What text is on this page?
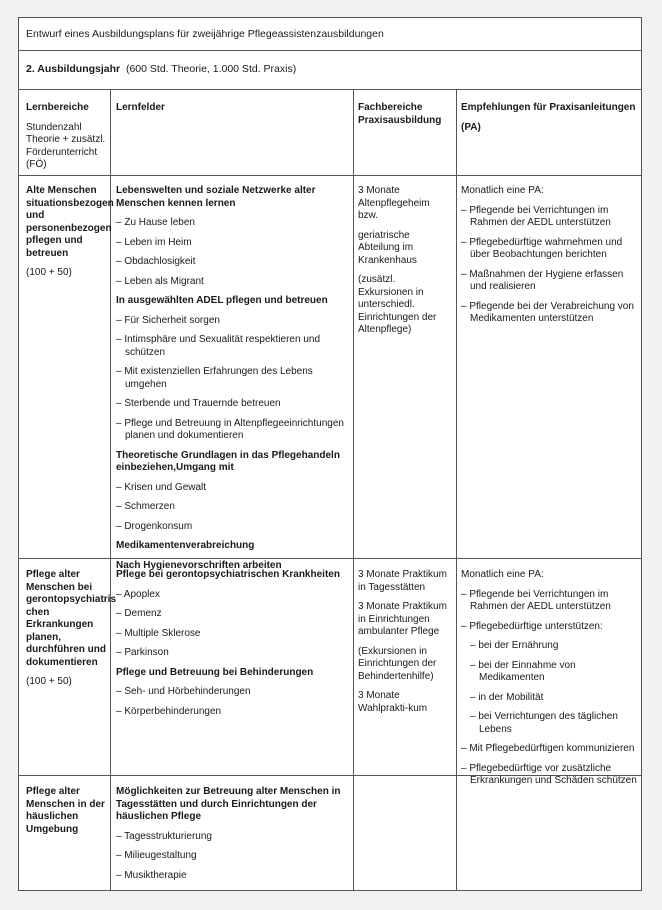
Entwurf eines Ausbildungsplans für zweijährige Pflegeassistenzausbildungen
2. Ausbildungsjahr (600 Std. Theorie, 1.000 Std. Praxis)

Lernbereiche

Stundenzahl Theorie + zusätzl. Förderunterricht (FÖ)

Lernfelder	Fachbereiche Praxisausbildung

Empfehlungen für Praxisanleitungen

(PA)

Alte Menschen situationsbezogen und personenbezogen pflegen und betreuen

(100 + 50)

Lebenswelten und soziale Netzwerke alter Menschen kennen lernen

– Zu Hause leben

– Leben im Heim

– Obdachlosigkeit

– Leben als Migrant

In ausgewählten ADEL pflegen und betreuen

– Für Sicherheit sorgen

– Intimsphäre und Sexualität respektieren und schützen

– Mit existenziellen Erfahrungen des Lebens umgehen

– Sterbende und Trauernde betreuen

– Pflege und Betreuung in Altenpflegeeinrichtungen planen und dokumentieren

Theoretische Grundlagen in das Pflegehandeln einbeziehen,Umgang mit

– Krisen und Gewalt

– Schmerzen

– Drogenkonsum

Medikamentenverabreichung

Nach Hygienevorschriften arbeiten

3 Monate Altenpflegeheim bzw.

geriatrische Abteilung im Krankenhaus

(zusätzl. Exkursionen in unterschiedl. Einrichtungen der Altenpflege)

Monatlich eine PA:

– Pflegende bei Verrichtungen im Rahmen der AEDL unterstützen

– Pflegebedürftige wahrnehmen und über Beobachtungen berichten

– Maßnahmen der Hygiene erfassen und realisieren

– Pflegende bei der Verabreichung von Medikamenten unterstützen

Pflege alter Menschen bei gerontopsychiatris chen Erkrankungen planen, durchführen und dokumentieren

(100 + 50)

Pflege bei gerontopsychiatrischen Krankheiten

– Apoplex

– Demenz

– Multiple Sklerose

– Parkinson

Pflege und Betreuung bei Behinderungen

– Seh- und Hörbehinderungen

– Körperbehinderungen

3 Monate Praktikum in Tagesstätten

3 Monate Praktikum in Einrichtungen ambulanter Pflege

(Exkursionen in Einrichtungen der Behindertenhilfe)

3 Monate Wahlprakti-kum

Monatlich eine PA:

– Pflegende bei Verrichtungen im Rahmen der AEDL unterstützen

– Pflegebedürftige unterstützen:

– bei der Ernährung

– bei der Einnahme von Medikamenten

– in der Mobilität

– bei Verrichtungen des täglichen Lebens

– Mit Pflegebedürftigen kommunizieren

– Pflegebedürftige vor zusätzliche Erkrankungen und Schäden schützen

Pflege alter Menschen in der häuslichen Umgebung

Möglichkeiten zur Betreuung alter Menschen in Tagesstätten und durch Einrichtungen der häuslichen Pflege

– Tagesstrukturierung

– Milieugestaltung

– Musiktherapie
